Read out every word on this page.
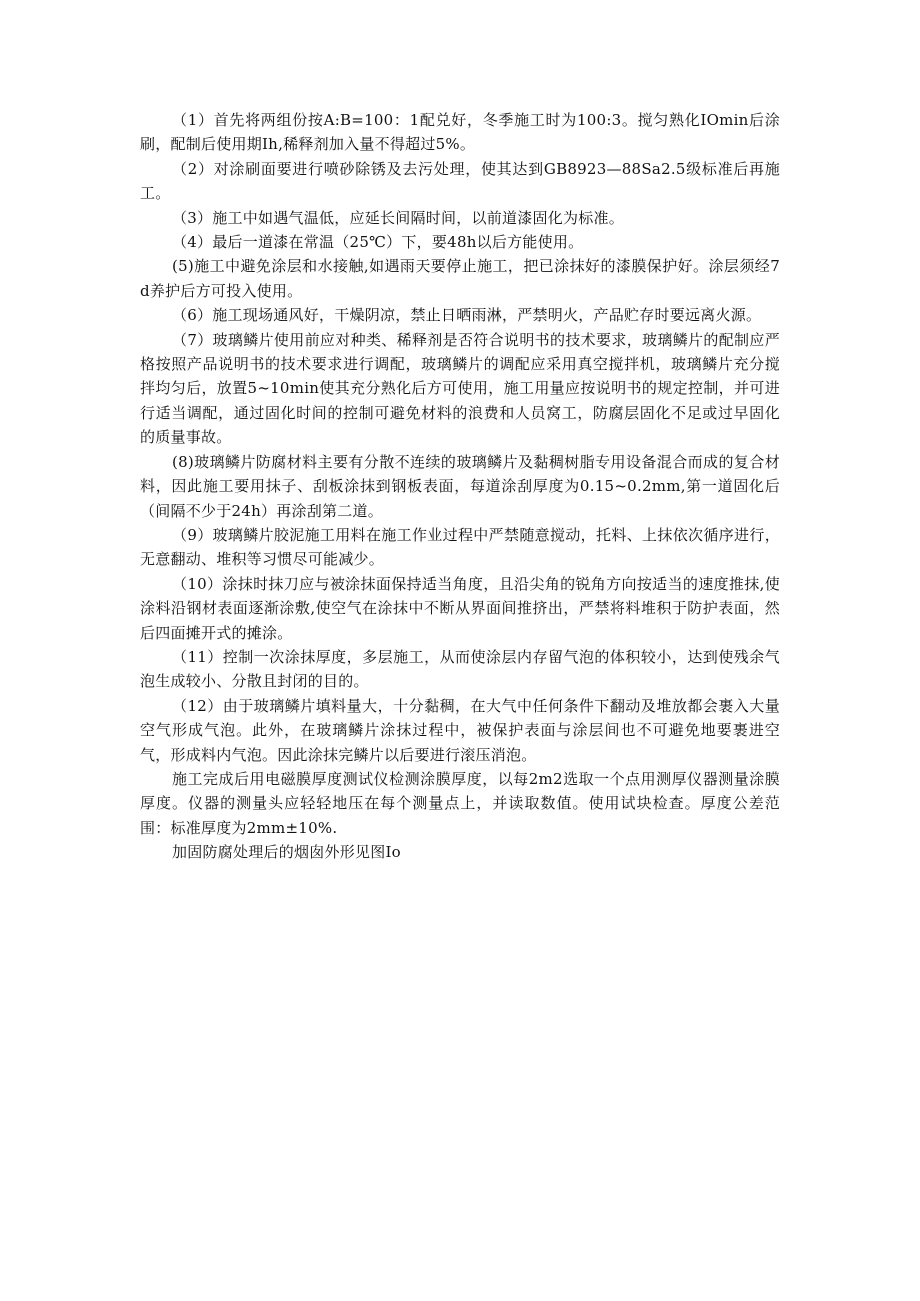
（1）首先将两组份按A:B=100：1配兑好，冬季施工时为100:3。搅匀熟化IOmin后涂刷，配制后使用期Ih,稀释剂加入量不得超过5%。

（2）对涂刷面要进行喷砂除锈及去污处理，使其达到GB8923—88Sa2.5级标准后再施工。

（3）施工中如遇气温低，应延长间隔时间，以前道漆固化为标准。

（4）最后一道漆在常温（25℃）下，要48h以后方能使用。

(5)施工中避免涂层和水接触,如遇雨天要停止施工，把已涂抹好的漆膜保护好。涂层须经7d养护后方可投入使用。

（6）施工现场通风好，干燥阴凉，禁止日晒雨淋，严禁明火，产品贮存时要远离火源。

（7）玻璃鳞片使用前应对种类、稀释剂是否符合说明书的技术要求，玻璃鳞片的配制应严格按照产品说明书的技术要求进行调配，玻璃鳞片的调配应采用真空搅拌机，玻璃鳞片充分搅拌均匀后，放置5~10min使其充分熟化后方可使用，施工用量应按说明书的规定控制，并可进行适当调配，通过固化时间的控制可避免材料的浪费和人员窝工，防腐层固化不足或过早固化的质量事故。

(8)玻璃鳞片防腐材料主要有分散不连续的玻璃鳞片及黏稠树脂专用设备混合而成的复合材料，因此施工要用抹子、刮板涂抹到钢板表面，每道涂刮厚度为0.15~0.2mm,第一道固化后（间隔不少于24h）再涂刮第二道。

（9）玻璃鳞片胶泥施工用料在施工作业过程中严禁随意搅动，托料、上抹依次循序进行，无意翻动、堆积等习惯尽可能减少。

（10）涂抹时抹刀应与被涂抹面保持适当角度，且沿尖角的锐角方向按适当的速度推抹,使涂料沿钢材表面逐渐涂敷,使空气在涂抹中不断从界面间推挤出，严禁将料堆积于防护表面，然后四面摊开式的摊涂。

（11）控制一次涂抹厚度，多层施工，从而使涂层内存留气泡的体积较小，达到使残余气泡生成较小、分散且封闭的目的。

（12）由于玻璃鳞片填料量大，十分黏稠，在大气中任何条件下翻动及堆放都会裹入大量空气形成气泡。此外，在玻璃鳞片涂抹过程中，被保护表面与涂层间也不可避免地要裹进空气，形成料内气泡。因此涂抹完鳞片以后要进行滚压消泡。

施工完成后用电磁膜厚度测试仪检测涂膜厚度，以每2m2选取一个点用测厚仪器测量涂膜厚度。仪器的测量头应轻轻地压在每个测量点上，并读取数值。使用试块检查。厚度公差范围：标准厚度为2mm±10%.

加固防腐处理后的烟囱外形见图Io
